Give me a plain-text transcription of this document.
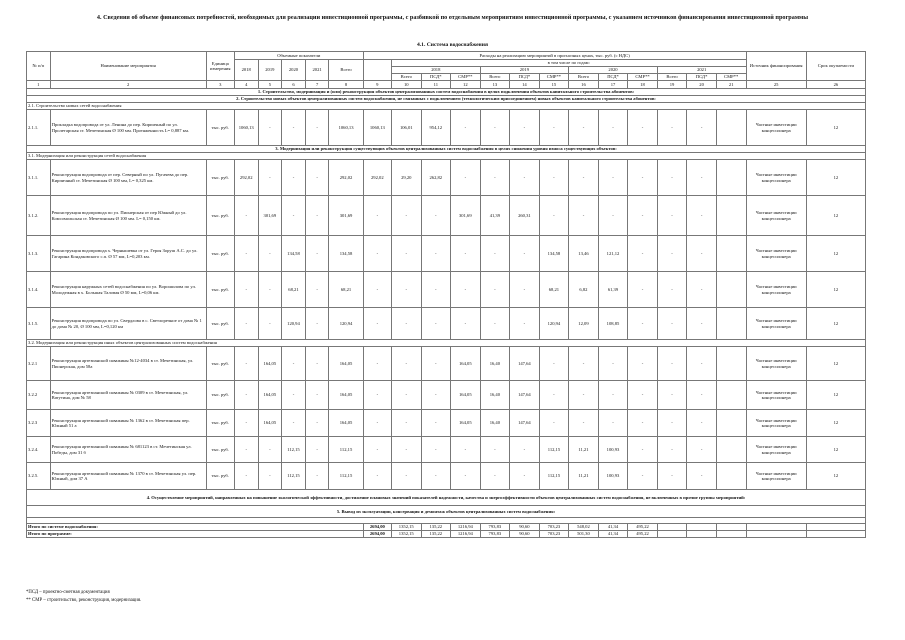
4. Сведения об объеме финансовых потребностей, необходимых для реализации инвестиционной программы, с разбивкой по отдельным мероприятиям инвестиционной программы, с указанием источников финансирования инвестиционной программы
4.1. Система водоснабжения
№ п/п	Наименование мероприятия	Единица измерения	Объемные показатели					Расходы на реализацию мероприятий в прогнозных ценах, тыс. руб. (с НДС)													Источник финансирования	Срок окупаемости
			2018	2019	2020	2021	Всего		в том числе по годам:													
									2018			2019			2020			2021				
									Всего	ПСД*	СМР**	Всего	ПСД*	СМР**	Всего	ПСД*	СМР**	Всего	ПСД*	СМР**		
1	2	3	4	5	6	7	8	9	10	11	12	13	14	15	16	17	18	19	20	21	25	26
1. Строительство, модернизация и (или) реконструкция объектов централизованных систем водоснабжения в целях подключения объектов капитального строительства абонентов:																						
2. Строительство новых объектов централизованных систем водоснабжения, не связанных с подключением (технологическим присоединением) новых объектов капитального строительства абонентов:																						
2.1. Строительство новых сетей водоснабжения																						
2.1.1.	Прокладка водопровода от ул. Ленина до пер. Кирпичный по ул. Пролетарская ст. Мечетинская Ø 100 мм. Протяженность L= 0,887 км.	тыс. руб.	1060,13	-	-	-	1060,13	1060,13	106,01	954,12	-	-	-	-	-	-	-	-	-		Частные инвестиции концессионера	12
3. Модернизация или реконструкция существующих объектов централизованных систем водоснабжения в целях снижения уровня износа существующих объектов:																						
3.1. Модернизация или реконструкция сетей водоснабжения																						
3.1.1.	Реконструкция водопровода от пер. Северный по ул. Пугачева до пер. Кирпичный ст. Мечетинская Ø 100 мм, L= 0,325 км.	тыс. руб.	292,02	-	-	-	292,02	292,02	29,20	262,82	-	-	-	-	-	-	-	-	-		Частные инвестиции концессионера	12
3.1.2.	Реконструкция водопровода по ул. Пионерская от пер Южный до ул. Комсомольская ст. Мечетинская Ø 100 мм. L= 0,150 км.	тыс. руб.	-	301,69	-	-	301,69	-	-	-	301,69	41,39	260,31	-	-	-	-	-	-		Частные инвестиции концессионера	12
3.1.3.	Реконструкция водопровода х. Чернышевка от ул. Героя Зоруш А.С. до ул. Гагарина Кондаковского с.п. Ø 57 мм, L=0,203 км.	тыс. руб.	-	-	134,58	-	134,58	-	-	-	-	-	-	134,58	13,46	121,12	-	-	-		Частные инвестиции концессионера	12
3.1.4.	Реконструкция наружных сетей водоснабжения по ул. Ворошилова по ул. Молодежная в х. Большая Таловая Ø 50 мм, L=0,06 км.	тыс. руб.	-	-	68,21	-	68,21	-	-	-	-	-	-	68,21	6,82	61,39	-	-	-		Частные инвестиции концессионера	12
3.1.5.	Реконструкция водопровода по ул. Свердлова в с. Светлоречное от дома № 1 до дома № 20, Ø 100 мм, L=0,120 км	тыс. руб.	-	-	120,94	-	120,94	-	-	-	-	-	-	120,94	12,09	108,85	-	-	-		Частные инвестиции концессионера	12
3.2. Модернизация или реконструкция иных объектов централизованных систем водоснабжения																						
3.2.1	Реконструкция артезианской скважины №12-4034 в ст. Мечетинская, ул. Пионерская, дом 58а	тыс. руб.	-	164,05	-	-	164,05	-	-	-	164,05	16,40	147,64	-	-	-	-	-	-		Частные инвестиции концессионера	12
3.2.2	Реконструкция артезианской скважины № 0309 в ст. Мечетинская, ул. Ватутина, дом № 58	тыс. руб.	-	164,05	-	-	164,05	-	-	-	164,05	16,40	147,64	-	-	-	-	-	-		Частные инвестиции концессионера	12
3.2.3	Реконструкция артезианской скважины № 1362 в ст. Мечетинская пер. Южный 51 а	тыс. руб.	-	164,05	-	-	164,05	-	-	-	164,05	16,40	147,64	-	-	-	-	-	-		Частные инвестиции концессионера	12
3.2.4.	Реконструкция артезианской скважины № 681123 в ст. Мечетинская ул. Победы, дом 31 б	тыс. руб.	-	-	112,15	-	112,15	-	-	-	-	-	-	112,15	11,21	100,93	-	-	-		Частные инвестиции концессионера	12
3.2.5.	Реконструкция артезианской скважины № 1370 в ст. Мечетинская ул. пер. Южный, дом 37 А	тыс. руб.	-	-	112,15	-	112,15	-	-	-	-	-	-	112,15	11,21	100,93	-	-	-		Частные инвестиции концессионера	12
4. Осуществление мероприятий, направленных на повышение экологической эффективности, достижение плановых значений показателей надежности, качества и энергоэффективности объектов централизованных систем водоснабжения, не включенных в прочие группы мероприятий:																						
5. Вывод из эксплуатации, консервация и демонтаж объектов централизованных систем водоснабжения:																						

Итого по системе водоснабжения:								2694,00	1352,15	135,22	1216,94	793,83	90,60	703,23	548,02	41,34	495,22					
Итого по программе:								2694,00	1352,15	135,22	1216,94	793,83	90,60	703,23	501,30	41,34	495,22					
*ПСД – проектно-сметная документация
** СМР – строительство, реконструкция, модернизация.
